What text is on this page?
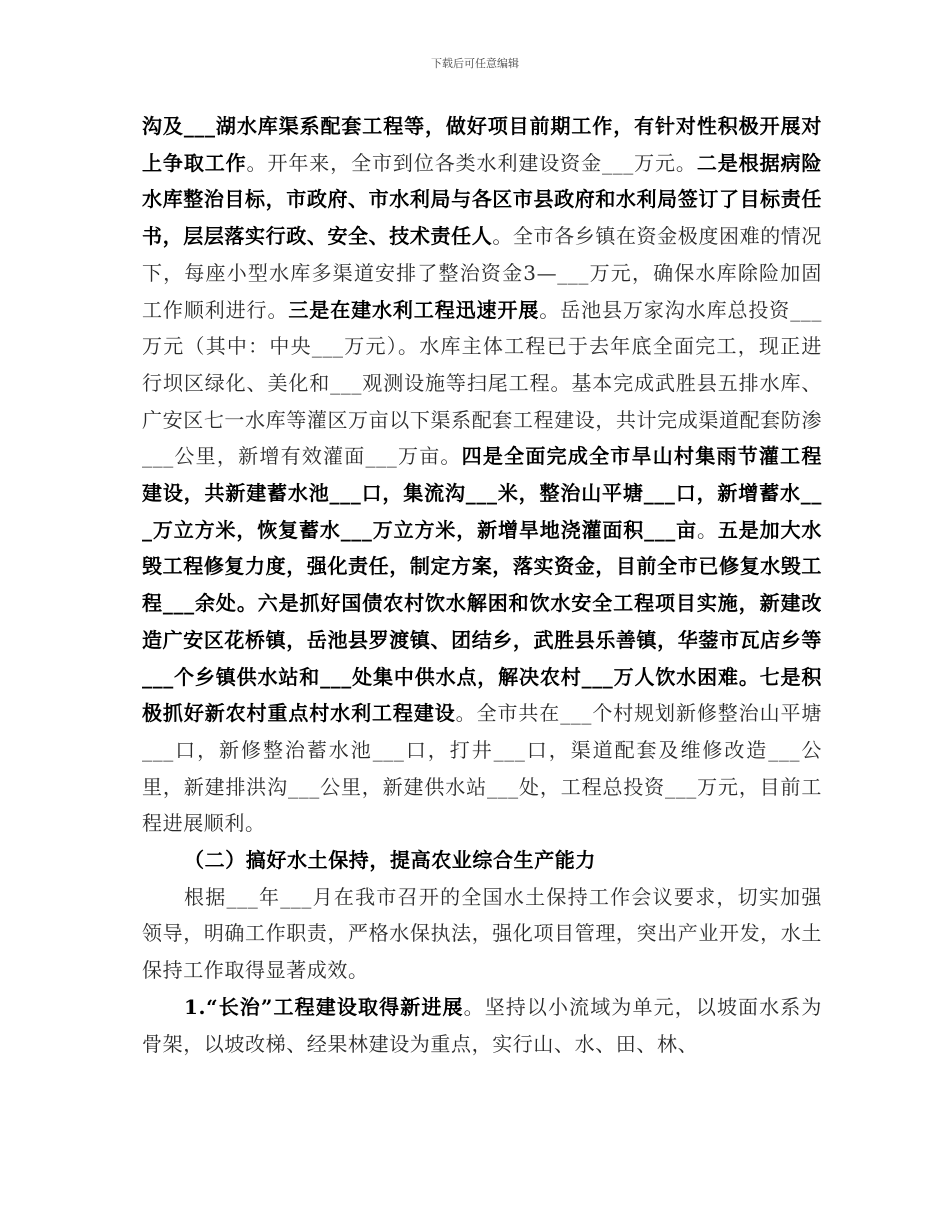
下载后可任意编辑

沟及___湖水库渠系配套工程等，做好项目前期工作，有针对性积极开展对上争取工作。开年来，全市到位各类水利建设资金___万元。二是根据病险水库整治目标，市政府、市水利局与各区市县政府和水利局签订了目标责任书，层层落实行政、安全、技术责任人。全市各乡镇在资金极度困难的情况下，每座小型水库多渠道安排了整治资金3—___万元，确保水库除险加固工作顺利进行。三是在建水利工程迅速开展。岳池县万家沟水库总投资___万元（其中：中央___万元）。水库主体工程已于去年底全面完工，现正进行坝区绿化、美化和___观测设施等扫尾工程。基本完成武胜县五排水库、广安区七一水库等灌区万亩以下渠系配套工程建设，共计完成渠道配套防渗___公里，新增有效灌面___万亩。四是全面完成全市旱山村集雨节灌工程建设，共新建蓄水池___口，集流沟___米，整治山平塘___口，新增蓄水___万立方米，恢复蓄水___万立方米，新增旱地浇灌面积___亩。五是加大水毁工程修复力度，强化责任，制定方案，落实资金，目前全市已修复水毁工程___余处。六是抓好国债农村饮水解困和饮水安全工程项目实施，新建改造广安区花桥镇，岳池县罗渡镇、团结乡，武胜县乐善镇，华蓥市瓦店乡等___个乡镇供水站和___处集中供水点，解决农村___万人饮水困难。七是积极抓好新农村重点村水利工程建设。全市共在___个村规划新修整治山平塘___口，新修整治蓄水池___口，打井___口，渠道配套及维修改造___公里，新建排洪沟___公里，新建供水站___处，工程总投资___万元，目前工程进展顺利。

（二）搞好水土保持，提高农业综合生产能力

根据___年___月在我市召开的全国水土保持工作会议要求，切实加强领导，明确工作职责，严格水保执法，强化项目管理，突出产业开发，水土保持工作取得显著成效。

1.“长治”工程建设取得新进展。坚持以小流域为单元，以坡面水系为骨架，以坡改梯、经果林建设为重点，实行山、水、田、林、
